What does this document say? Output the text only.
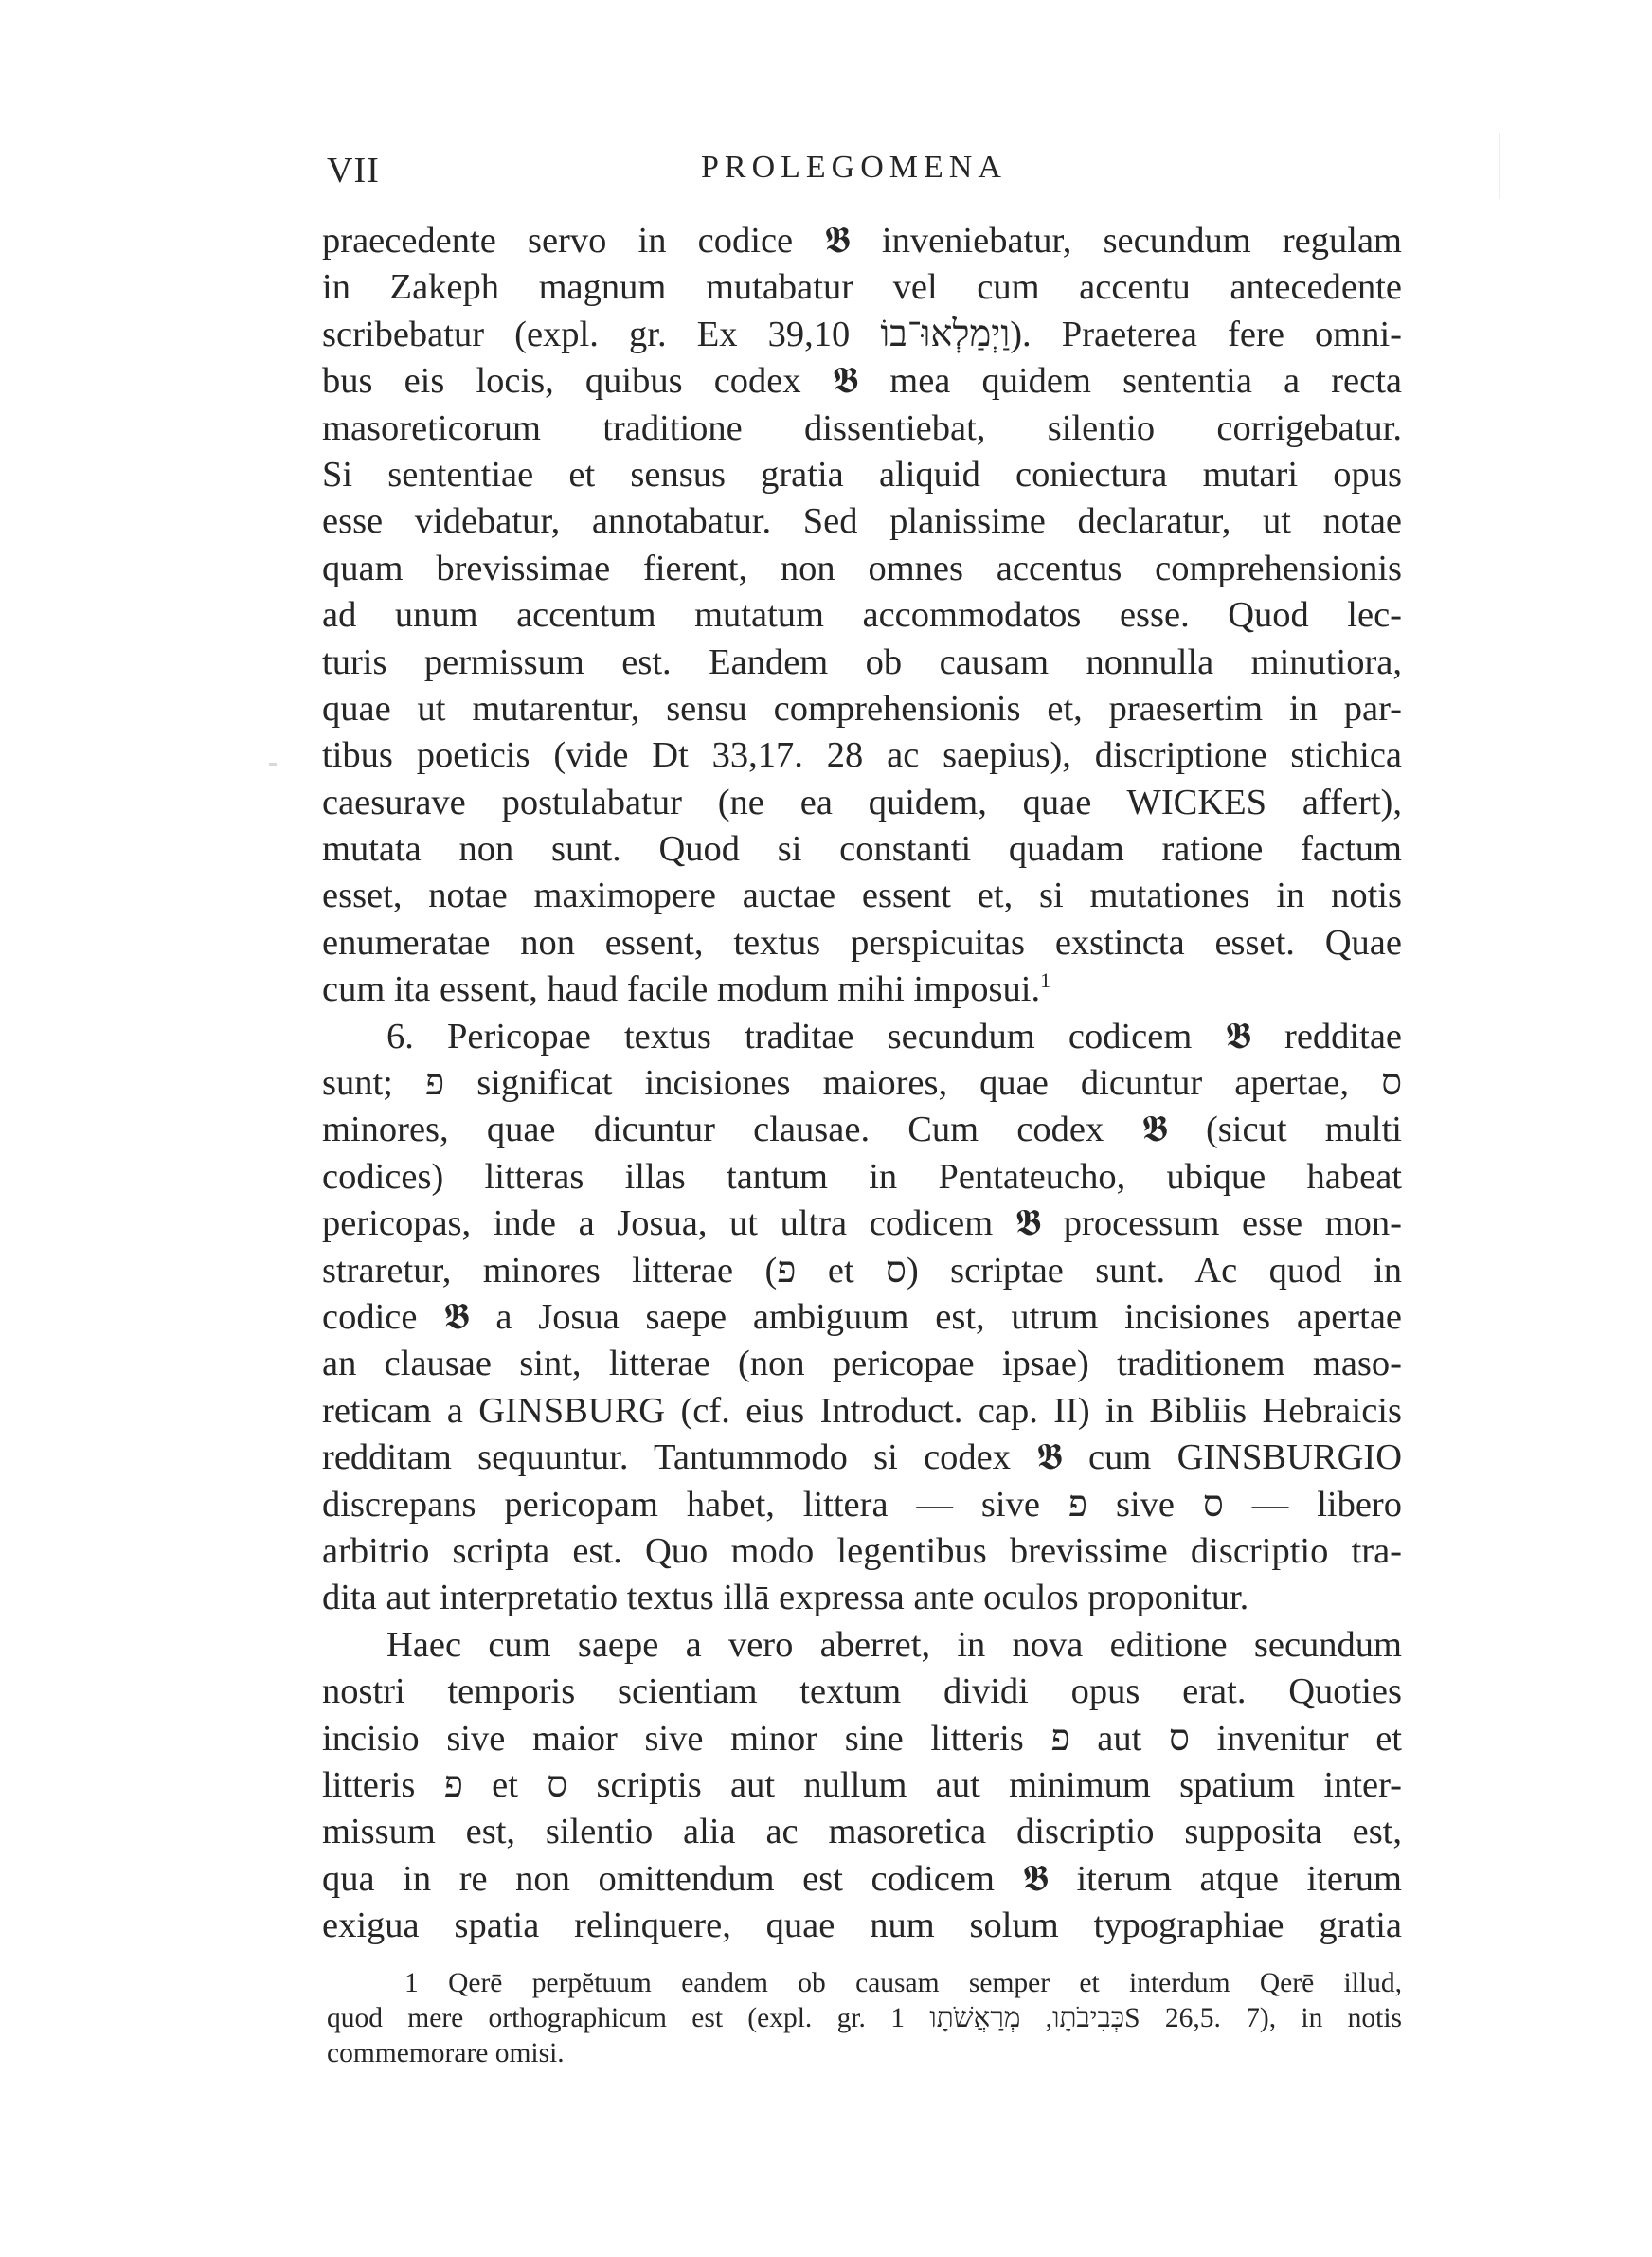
VII	PROLEGOMENA
praecedente servo in codice 𝕭 inveniebatur, secundum regulam
in Zakeph magnum mutabatur vel cum accentu antecedente
scribebatur (expl. gr. Ex 39,10 וַיְמַלְאוּ־בוֹ). Praeterea fere omni-
bus eis locis, quibus codex 𝕭 mea quidem sententia a recta
masoreticorum traditione dissentiebat, silentio corrigebatur.
Si sententiae et sensus gratia aliquid coniectura mutari opus
esse videbatur, annotabatur. Sed planissime declaratur, ut notae
quam brevissimae fierent, non omnes accentus comprehensionis
ad unum accentum mutatum accommodatos esse. Quod lec-
turis permissum est. Eandem ob causam nonnulla minutiora,
quae ut mutarentur, sensu comprehensionis et, praesertim in par-
tibus poeticis (vide Dt 33,17. 28 ac saepius), discriptione stichica
caesurave postulabatur (ne ea quidem, quae WICKES affert),
mutata non sunt. Quod si constanti quadam ratione factum
esset, notae maximopere auctae essent et, si mutationes in notis
enumeratae non essent, textus perspicuitas exstincta esset. Quae
cum ita essent, haud facile modum mihi imposui.$^1$
6. Pericopae textus traditae secundum codicem 𝕭 redditae
sunt; פ significat incisiones maiores, quae dicuntur apertae, ס
minores, quae dicuntur clausae. Cum codex 𝕭 (sicut multi
codices) litteras illas tantum in Pentateucho, ubique habeat
pericopas, inde a Josua, ut ultra codicem 𝕭 processum esse mon-
straretur, minores litterae (פ et ס) scriptae sunt. Ac quod in
codice 𝕭 a Josua saepe ambiguum est, utrum incisiones apertae
an clausae sint, litterae (non pericopae ipsae) traditionem maso-
reticam a GINSBURG (cf. eius Introduct. cap. II) in Bibliis Hebraicis
redditam sequuntur. Tantummodo si codex 𝕭 cum GINSBURGIO
discrepans pericopam habet, littera — sive פ sive ס — libero
arbitrio scripta est. Quo modo legentibus brevissime discriptio tra-
dita aut interpretatio textus illā expressa ante oculos proponitur.
Haec cum saepe a vero aberret, in nova editione secundum
nostri temporis scientiam textum dividi opus erat. Quoties
incisio sive maior sive minor sine litteris פ aut ס invenitur et
litteris פ et ס scriptis aut nullum aut minimum spatium inter-
missum est, silentio alia ac masoretica discriptio supposita est,
qua in re non omittendum est codicem 𝕭 iterum atque iterum
exigua spatia relinquere, quae num solum typographiae gratia
1 Qerē perpĕtuum eandem ob causam semper et interdum Qerē illud,
quod mere orthographicum est (expl. gr. כְּבִיבֹתָו, מְרַאֲשֹׁתָו 1S 26,5. 7), in notis
commemorare omisi.
